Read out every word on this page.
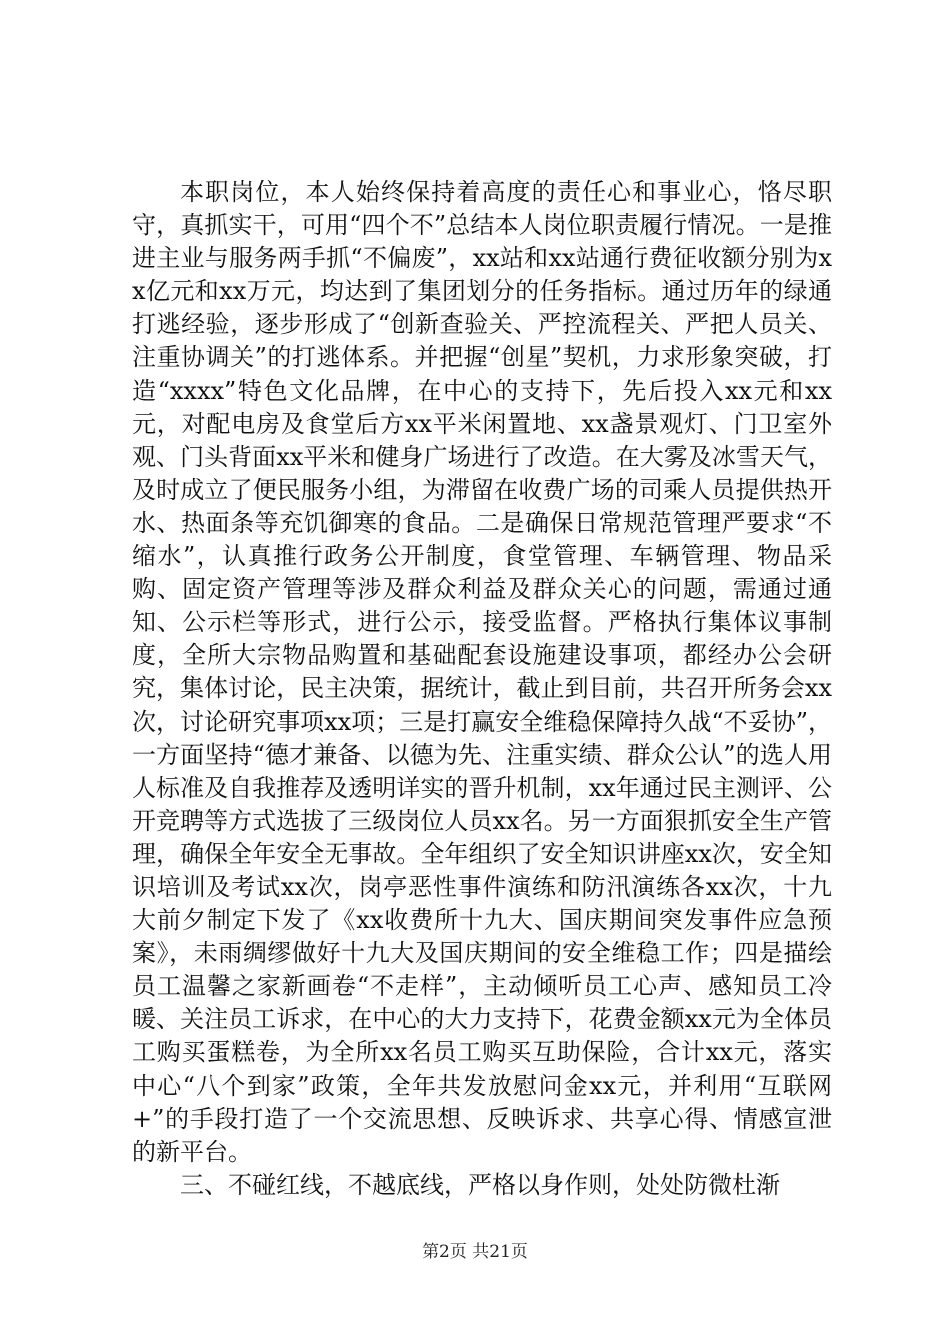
本职岗位，本人始终保持着高度的责任心和事业心，恪尽职守，真抓实干，可用“四个不”总结本人岗位职责履行情况。一是推进主业与服务两手抓“不偏废”，xx站和xx站通行费征收额分别为xx亿元和xx万元，均达到了集团划分的任务指标。通过历年的绿通打逃经验，逐步形成了“创新查验关、严控流程关、严把人员关、注重协调关”的打逃体系。并把握“创星”契机，力求形象突破，打造“xxxx”特色文化品牌，在中心的支持下，先后投入xx元和xx元，对配电房及食堂后方xx平米闲置地、xx盏景观灯、门卫室外观、门头背面xx平米和健身广场进行了改造。在大雾及冰雪天气，及时成立了便民服务小组，为滞留在收费广场的司乘人员提供热开水、热面条等充饥御寒的食品。二是确保日常规范管理严要求“不缩水”，认真推行政务公开制度，食堂管理、车辆管理、物品采购、固定资产管理等涉及群众利益及群众关心的问题，需通过通知、公示栏等形式，进行公示，接受监督。严格执行集体议事制度，全所大宗物品购置和基础配套设施建设事项，都经办公会研究，集体讨论，民主决策，据统计，截止到目前，共召开所务会xx次，讨论研究事项xx项；三是打赢安全维稳保障持久战“不妥协”，一方面坚持“德才兼备、以德为先、注重实绩、群众公认”的选人用人标准及自我推荐及透明详实的晋升机制，xx年通过民主测评、公开竞聘等方式选拔了三级岗位人员xx名。另一方面狠抓安全生产管理，确保全年安全无事故。全年组织了安全知识讲座xx次，安全知识培训及考试xx次，岗亭恶性事件演练和防汛演练各xx次，十九大前夕制定下发了《xx收费所十九大、国庆期间突发事件应急预案》，未雨绸缪做好十九大及国庆期间的安全维稳工作；四是描绘员工温馨之家新画卷“不走样”，主动倾听员工心声、感知员工冷暖、关注员工诉求，在中心的大力支持下，花费金额xx元为全体员工购买蛋糕卷，为全所xx名员工购买互助保险，合计xx元，落实中心“八个到家”政策，全年共发放慰问金xx元，并利用“互联网+”的手段打造了一个交流思想、反映诉求、共享心得、情感宣泄的新平台。

三、不碰红线，不越底线，严格以身作则，处处防微杜渐

第2页 共21页
